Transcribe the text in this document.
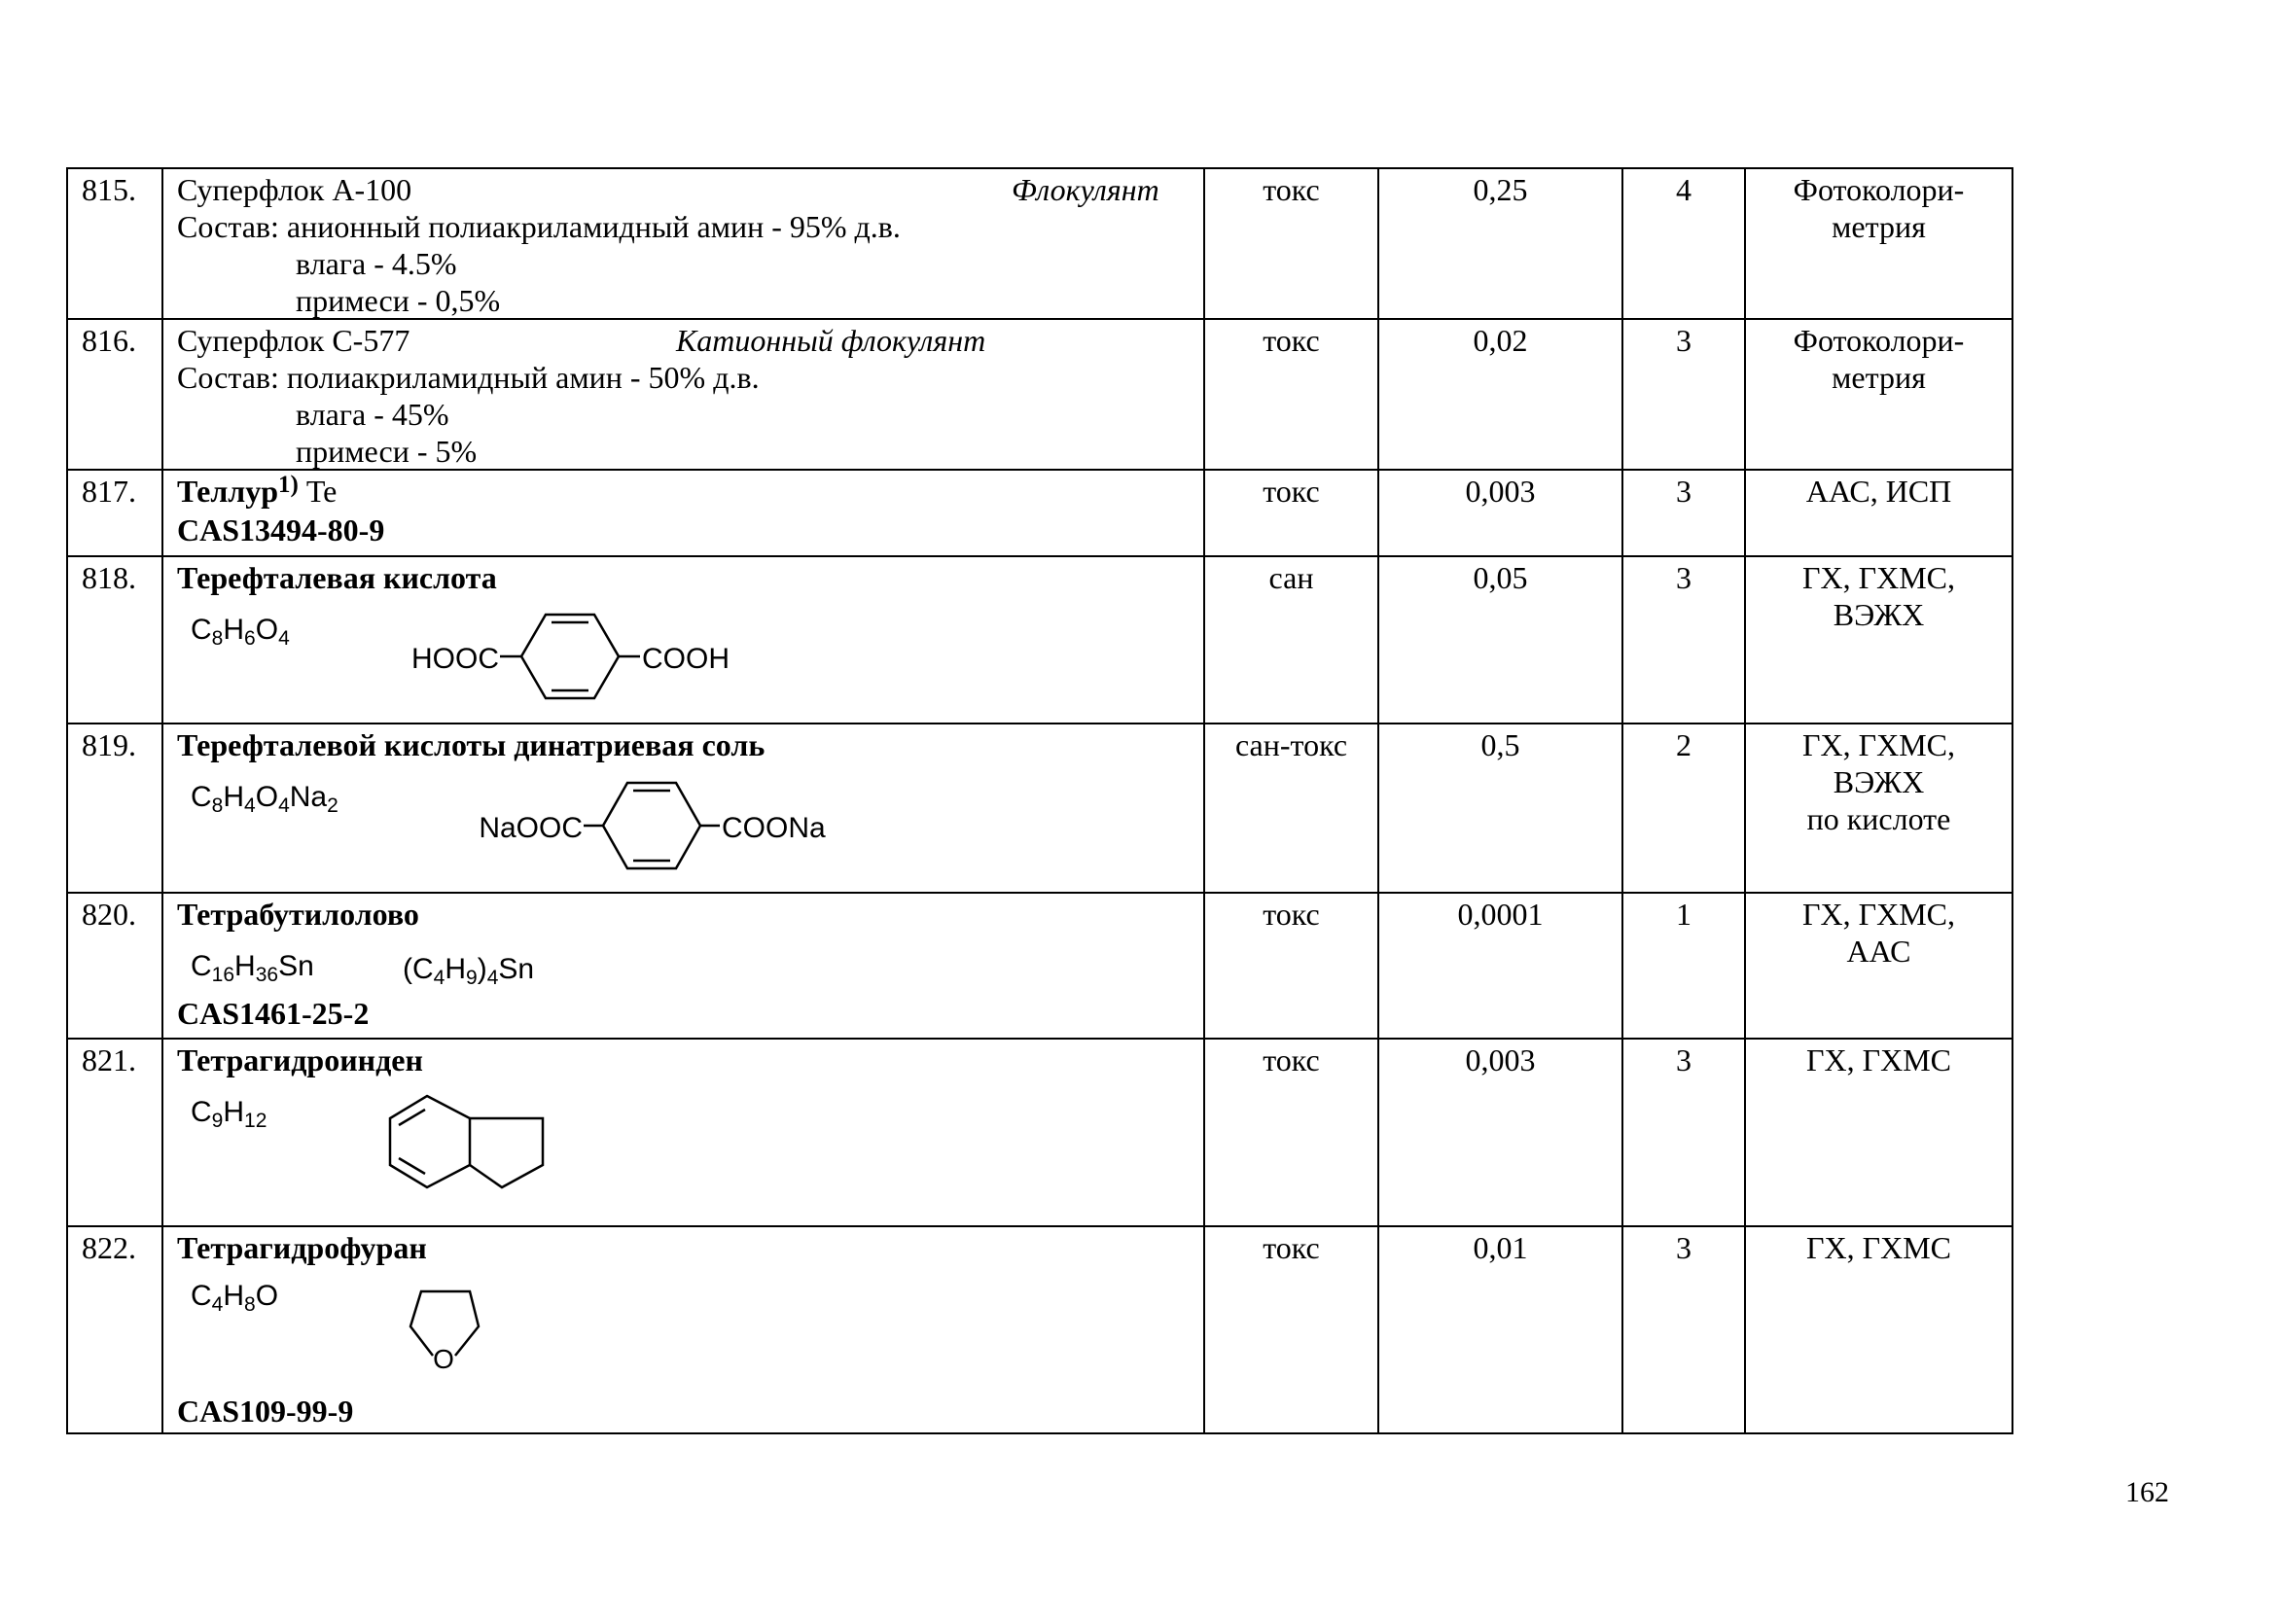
815.	Суперфлок А-100 Флокулянт
Состав: анионный полиакриламидный амин - 95% д.в.
влага - 4.5%
примеси - 0,5%	токс	0,25	4	Фотоколори-
метрия
816.	Суперфлок С-577 Катионный флокулянт
Состав: полиакриламидный амин - 50% д.в.
влага - 45%
примеси - 5%	токс	0,02	3	Фотоколори-
метрия
817.	Теллур$^{1)}$ Te
CAS13494-80-9	токс	0,003	3	ААС, ИСП
818.	Терефталевая кислота
$C_8H_6O_4$
HOOC COOH	сан	0,05	3	ГХ, ГХМС,
ВЭЖХ
819.	Терефталевой кислоты динатриевая соль
$C_8H_4O_4Na_2$
NaOOC COONa	сан-токс	0,5	2	ГХ, ГХМС,
ВЭЖХ
по кислоте
820.	Тетрабутилолово
$C_{16}H_{36}Sn$ $(C_4H_9)_4Sn$
CAS1461-25-2	токс	0,0001	1	ГХ, ГХМС,
ААС
821.	Тетрагидроинден
$C_9H_{12}$	токс	0,003	3	ГХ, ГХМС
822.	Тетрагидрофуран
$C_4H_8O$
O
CAS109-99-9	токс	0,01	3	ГХ, ГХМС
162
